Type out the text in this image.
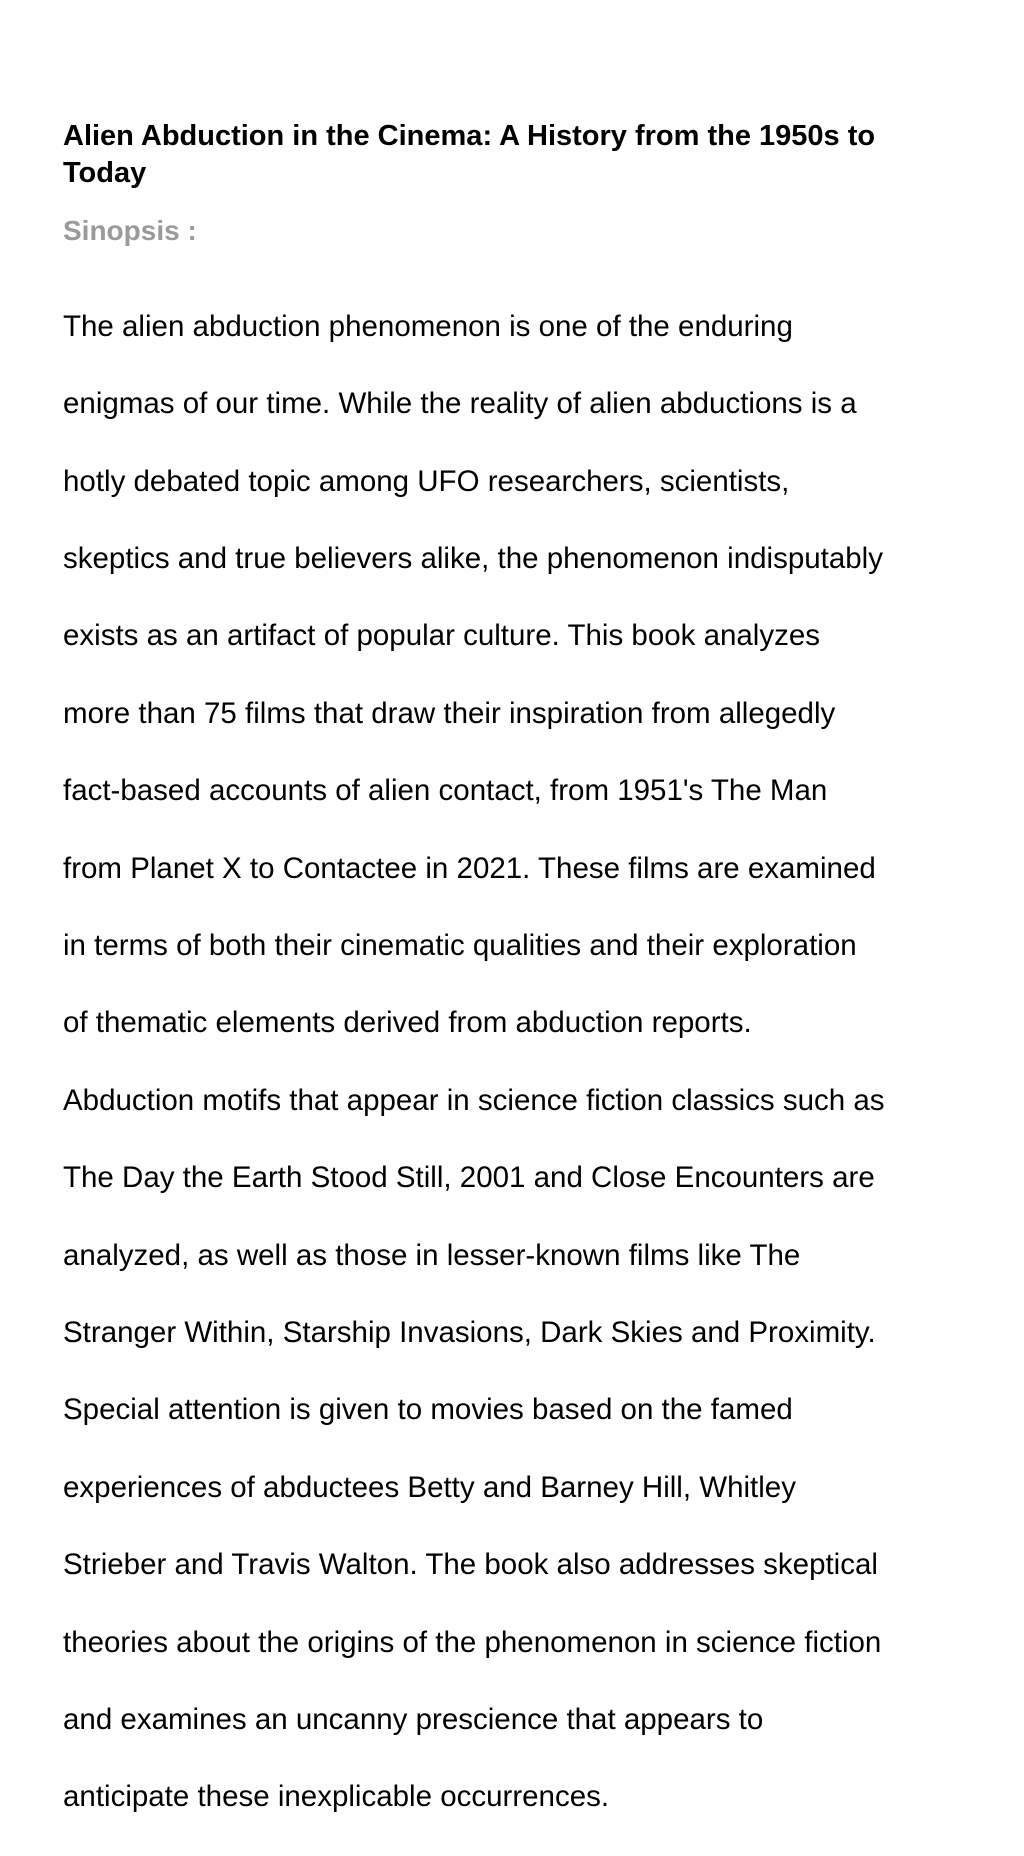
Alien Abduction in the Cinema: A History from the 1950s to Today
Sinopsis :

The alien abduction phenomenon is one of the enduring

enigmas of our time. While the reality of alien abductions is a

hotly debated topic among UFO researchers, scientists,

skeptics and true believers alike, the phenomenon indisputably

exists as an artifact of popular culture. This book analyzes

more than 75 films that draw their inspiration from allegedly

fact-based accounts of alien contact, from 1951's The Man

from Planet X to Contactee in 2021. These films are examined

in terms of both their cinematic qualities and their exploration

of thematic elements derived from abduction reports.

Abduction motifs that appear in science fiction classics such as

The Day the Earth Stood Still, 2001 and Close Encounters are

analyzed, as well as those in lesser-known films like The

Stranger Within, Starship Invasions, Dark Skies and Proximity.

Special attention is given to movies based on the famed

experiences of abductees Betty and Barney Hill, Whitley

Strieber and Travis Walton. The book also addresses skeptical

theories about the origins of the phenomenon in science fiction

and examines an uncanny prescience that appears to

anticipate these inexplicable occurrences.
